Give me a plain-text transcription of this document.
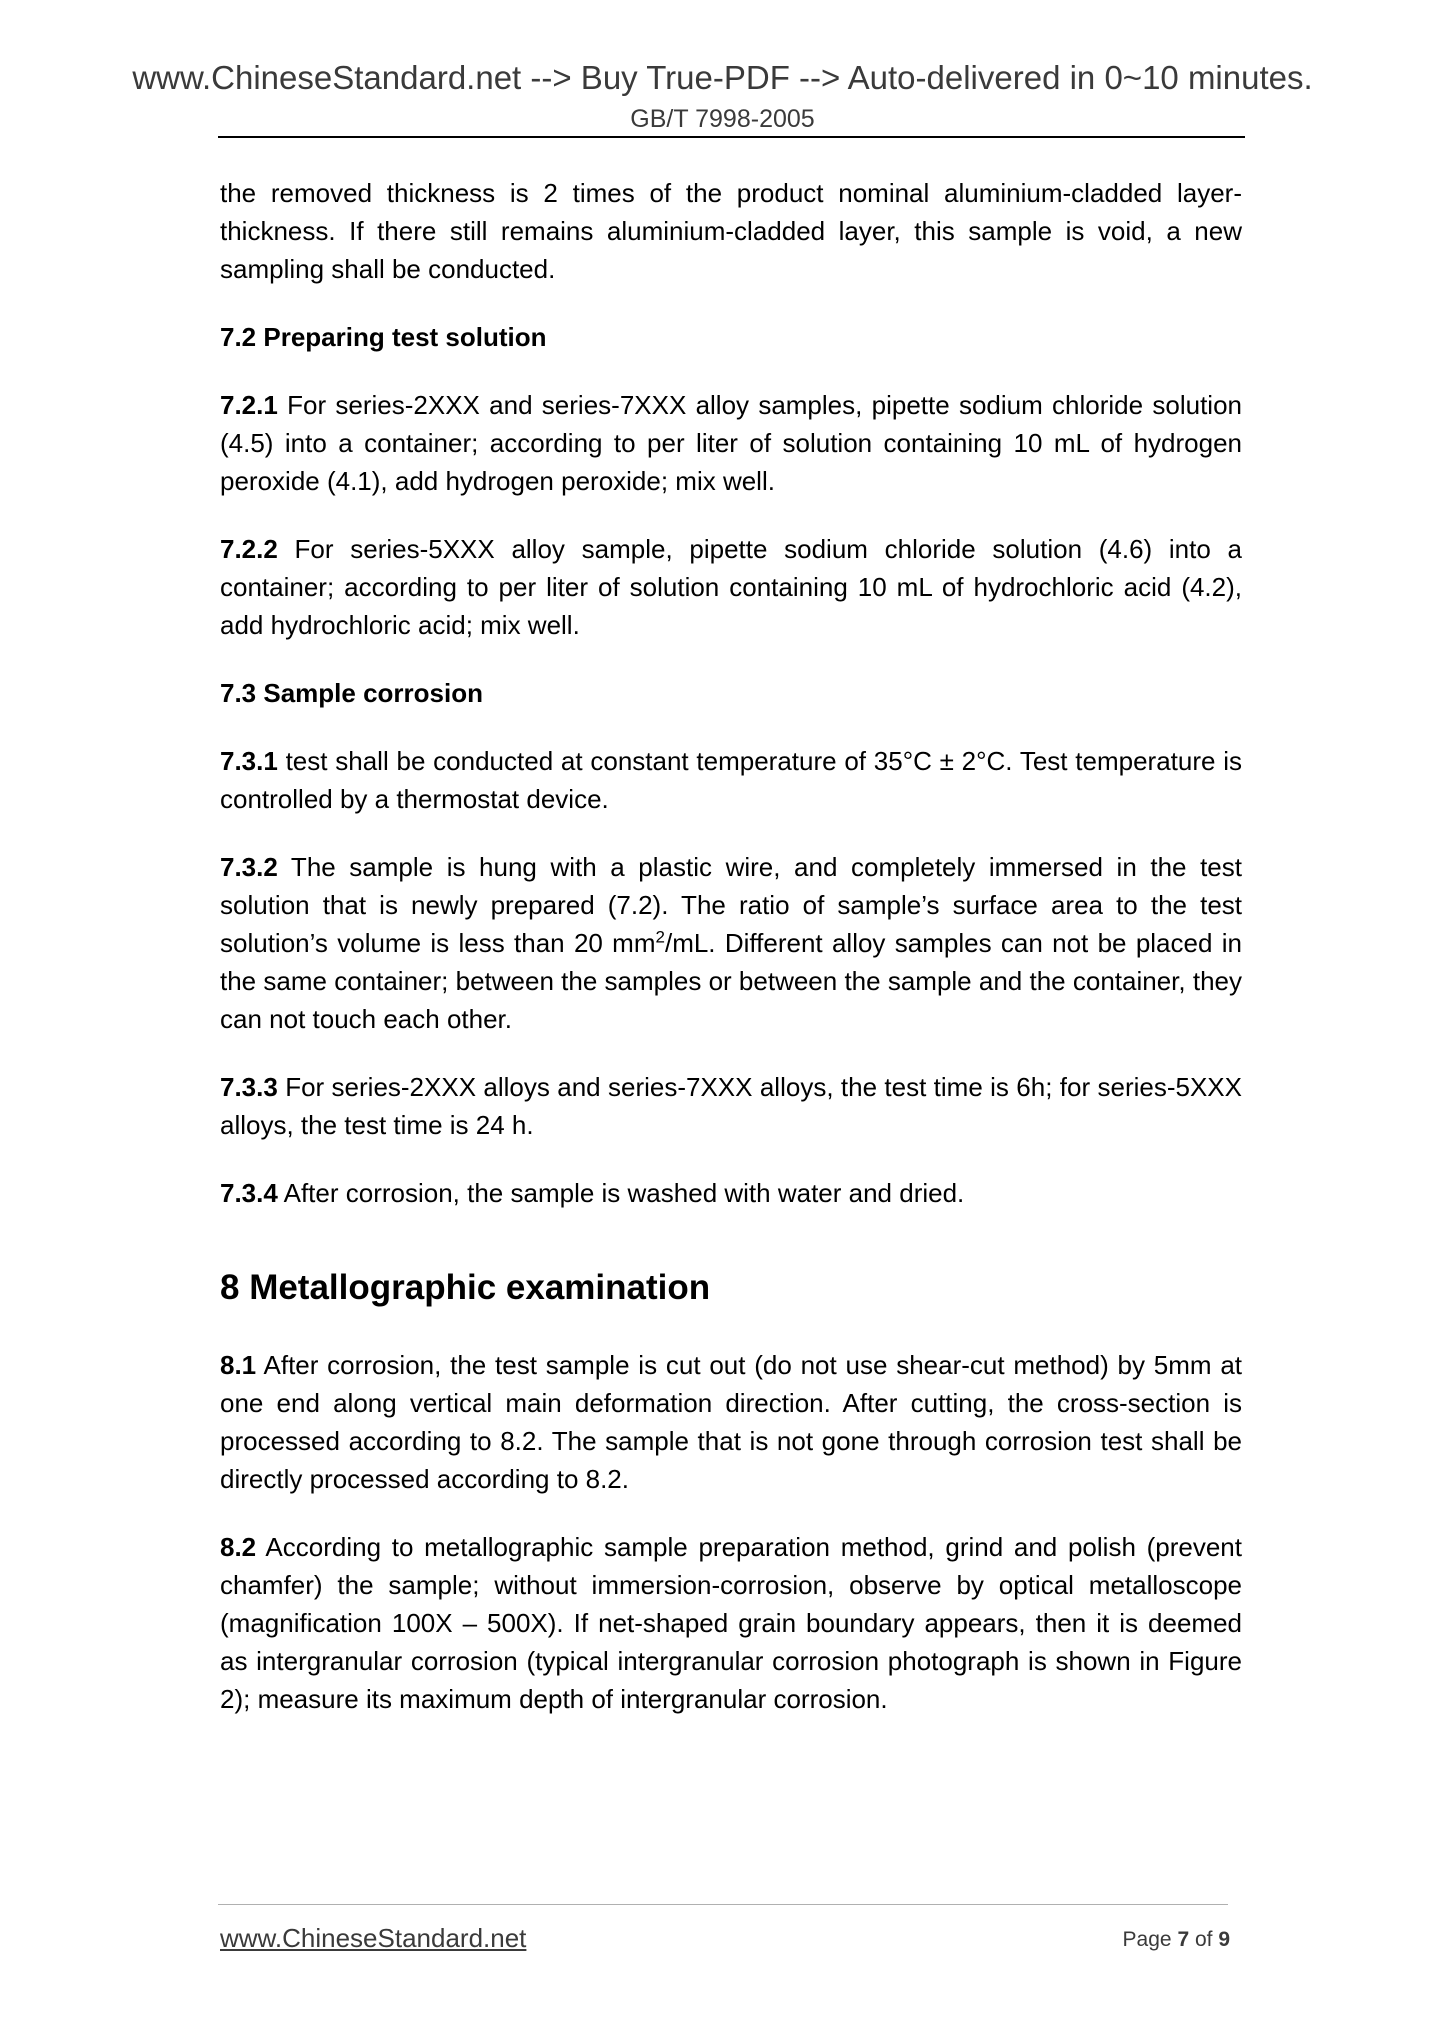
www.ChineseStandard.net --> Buy True-PDF --> Auto-delivered in 0~10 minutes.
GB/T 7998-2005

the removed thickness is 2 times of the product nominal aluminium-cladded layer-thickness. If there still remains aluminium-cladded layer, this sample is void, a new sampling shall be conducted.

7.2 Preparing test solution

7.2.1 For series-2XXX and series-7XXX alloy samples, pipette sodium chloride solution (4.5) into a container; according to per liter of solution containing 10 mL of hydrogen peroxide (4.1), add hydrogen peroxide; mix well.

7.2.2 For series-5XXX alloy sample, pipette sodium chloride solution (4.6) into a container; according to per liter of solution containing 10 mL of hydrochloric acid (4.2), add hydrochloric acid; mix well.

7.3 Sample corrosion

7.3.1 test shall be conducted at constant temperature of 35°C ± 2°C. Test temperature is controlled by a thermostat device.

7.3.2 The sample is hung with a plastic wire, and completely immersed in the test solution that is newly prepared (7.2). The ratio of sample’s surface area to the test solution’s volume is less than 20 $mm^2/mL$. Different alloy samples can not be placed in the same container; between the samples or between the sample and the container, they can not touch each other.

7.3.3 For series-2XXX alloys and series-7XXX alloys, the test time is 6h; for series-5XXX alloys, the test time is 24 h.

7.3.4 After corrosion, the sample is washed with water and dried.

8 Metallographic examination

8.1 After corrosion, the test sample is cut out (do not use shear-cut method) by 5mm at one end along vertical main deformation direction. After cutting, the cross-section is processed according to 8.2. The sample that is not gone through corrosion test shall be directly processed according to 8.2.

8.2 According to metallographic sample preparation method, grind and polish (prevent chamfer) the sample; without immersion-corrosion, observe by optical metalloscope (magnification 100X – 500X). If net-shaped grain boundary appears, then it is deemed as intergranular corrosion (typical intergranular corrosion photograph is shown in Figure 2); measure its maximum depth of intergranular corrosion.

www.ChineseStandard.net	Page 7 of 9
